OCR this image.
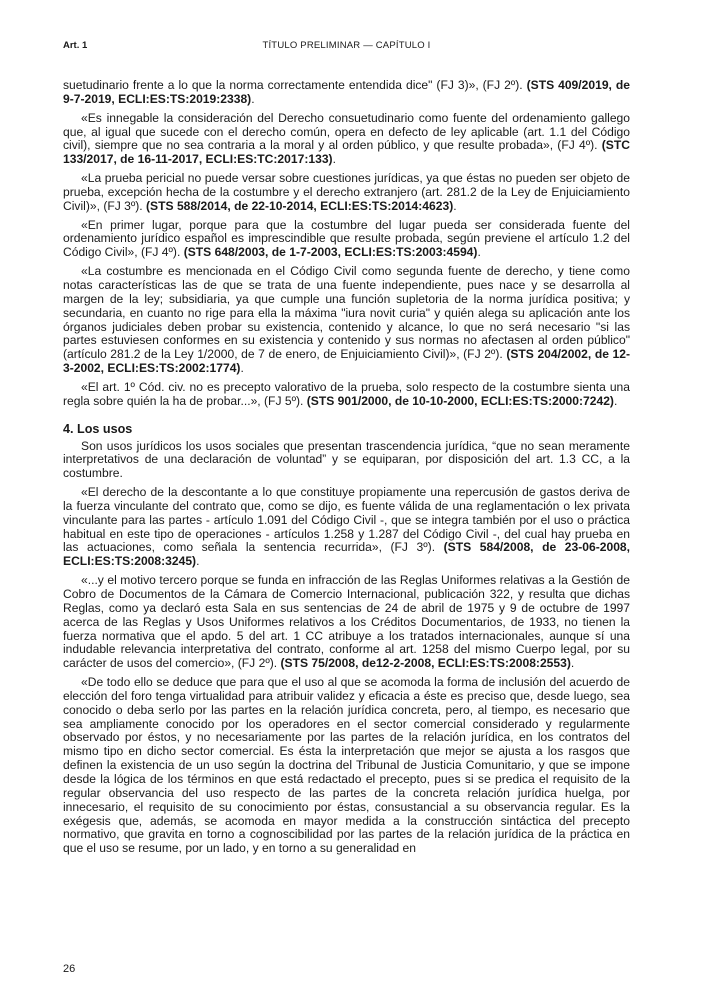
Art. 1	TÍTULO PRELIMINAR — CAPÍTULO I

suetudinario frente a lo que la norma correctamente entendida dice" (FJ 3)», (FJ 2º). (STS 409/2019, de 9-7-2019, ECLI:ES:TS:2019:2338).

«Es innegable la consideración del Derecho consuetudinario como fuente del ordenamiento gallego que, al igual que sucede con el derecho común, opera en defecto de ley aplicable (art. 1.1 del Código civil), siempre que no sea contraria a la moral y al orden público, y que resulte probada», (FJ 4º). (STC 133/2017, de 16-11-2017, ECLI:ES:TC:2017:133).

«La prueba pericial no puede versar sobre cuestiones jurídicas, ya que éstas no pueden ser objeto de prueba, excepción hecha de la costumbre y el derecho extranjero (art. 281.2 de la Ley de Enjuiciamiento Civil)», (FJ 3º). (STS 588/2014, de 22-10-2014, ECLI:ES:TS:2014:4623).

«En primer lugar, porque para que la costumbre del lugar pueda ser considerada fuente del ordenamiento jurídico español es imprescindible que resulte probada, según previene el artículo 1.2 del Código Civil», (FJ 4º). (STS 648/2003, de 1-7-2003, ECLI:ES:TS:2003:4594).

«La costumbre es mencionada en el Código Civil como segunda fuente de derecho, y tiene como notas características las de que se trata de una fuente independiente, pues nace y se desarrolla al margen de la ley; subsidiaria, ya que cumple una función supletoria de la norma jurídica positiva; y secundaria, en cuanto no rige para ella la máxima "iura novit curia" y quién alega su aplicación ante los órganos judiciales deben probar su existencia, contenido y alcance, lo que no será necesario "si las partes estuviesen conformes en su existencia y contenido y sus normas no afectasen al orden público" (artículo 281.2 de la Ley 1/2000, de 7 de enero, de Enjuiciamiento Civil)», (FJ 2º). (STS 204/2002, de 12-3-2002, ECLI:ES:TS:2002:1774).

«El art. 1º Cód. civ. no es precepto valorativo de la prueba, solo respecto de la costumbre sienta una regla sobre quién la ha de probar...», (FJ 5º). (STS 901/2000, de 10-10-2000, ECLI:ES:TS:2000:7242).

4. Los usos

Son usos jurídicos los usos sociales que presentan trascendencia jurídica, “que no sean meramente interpretativos de una declaración de voluntad” y se equiparan, por disposición del art. 1.3 CC, a la costumbre.

«El derecho de la descontante a lo que constituye propiamente una repercusión de gastos deriva de la fuerza vinculante del contrato que, como se dijo, es fuente válida de una reglamentación o lex privata vinculante para las partes - artículo 1.091 del Código Civil -, que se integra también por el uso o práctica habitual en este tipo de operaciones - artículos 1.258 y 1.287 del Código Civil -, del cual hay prueba en las actuaciones, como señala la sentencia recurrida», (FJ 3º). (STS 584/2008, de 23-06-2008, ECLI:ES:TS:2008:3245).

«...y el motivo tercero porque se funda en infracción de las Reglas Uniformes relativas a la Gestión de Cobro de Documentos de la Cámara de Comercio Internacional, publicación 322, y resulta que dichas Reglas, como ya declaró esta Sala en sus sentencias de 24 de abril de 1975 y 9 de octubre de 1997 acerca de las Reglas y Usos Uniformes relativos a los Créditos Documentarios, de 1933, no tienen la fuerza normativa que el apdo. 5 del art. 1 CC atribuye a los tratados internacionales, aunque sí una indudable relevancia interpretativa del contrato, conforme al art. 1258 del mismo Cuerpo legal, por su carácter de usos del comercio», (FJ 2º). (STS 75/2008, de12-2-2008, ECLI:ES:TS:2008:2553).

«De todo ello se deduce que para que el uso al que se acomoda la forma de inclusión del acuerdo de elección del foro tenga virtualidad para atribuir validez y eficacia a éste es preciso que, desde luego, sea conocido o deba serlo por las partes en la relación jurídica concreta, pero, al tiempo, es necesario que sea ampliamente conocido por los operadores en el sector comercial considerado y regularmente observado por éstos, y no necesariamente por las partes de la relación jurídica, en los contratos del mismo tipo en dicho sector comercial. Es ésta la interpretación que mejor se ajusta a los rasgos que definen la existencia de un uso según la doctrina del Tribunal de Justicia Comunitario, y que se impone desde la lógica de los términos en que está redactado el precepto, pues si se predica el requisito de la regular observancia del uso respecto de las partes de la concreta relación jurídica huelga, por innecesario, el requisito de su conocimiento por éstas, consustancial a su observancia regular. Es la exégesis que, además, se acomoda en mayor medida a la construcción sintáctica del precepto normativo, que gravita en torno a cognoscibilidad por las partes de la relación jurídica de la práctica en que el uso se resume, por un lado, y en torno a su generalidad en

26
